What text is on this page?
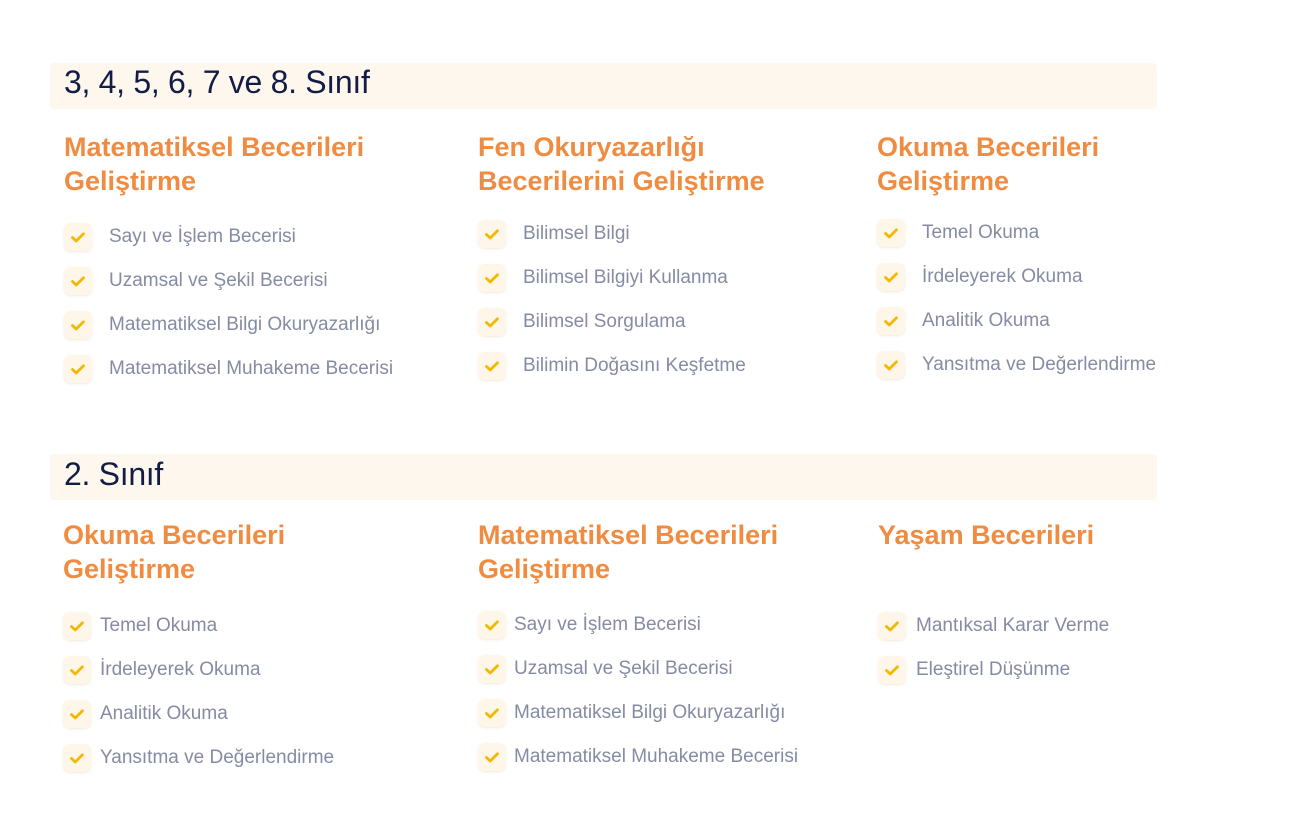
3, 4, 5, 6, 7 ve 8. Sınıf
Matematiksel Becerileri
Geliştirme
Sayı ve İşlem Becerisi
Uzamsal ve Şekil Becerisi
Matematiksel Bilgi Okuryazarlığı
Matematiksel Muhakeme Becerisi
Fen Okuryazarlığı
Becerilerini Geliştirme
Bilimsel Bilgi
Bilimsel Bilgiyi Kullanma
Bilimsel Sorgulama
Bilimin Doğasını Keşfetme
Okuma Becerileri
Geliştirme
Temel Okuma
İrdeleyerek Okuma
Analitik Okuma
Yansıtma ve Değerlendirme
2. Sınıf
Okuma Becerileri
Geliştirme
Temel Okuma
İrdeleyerek Okuma
Analitik Okuma
Yansıtma ve Değerlendirme
Matematiksel Becerileri
Geliştirme
Sayı ve İşlem Becerisi
Uzamsal ve Şekil Becerisi
Matematiksel Bilgi Okuryazarlığı
Matematiksel Muhakeme Becerisi
Yaşam Becerileri
Mantıksal Karar Verme
Eleştirel Düşünme
